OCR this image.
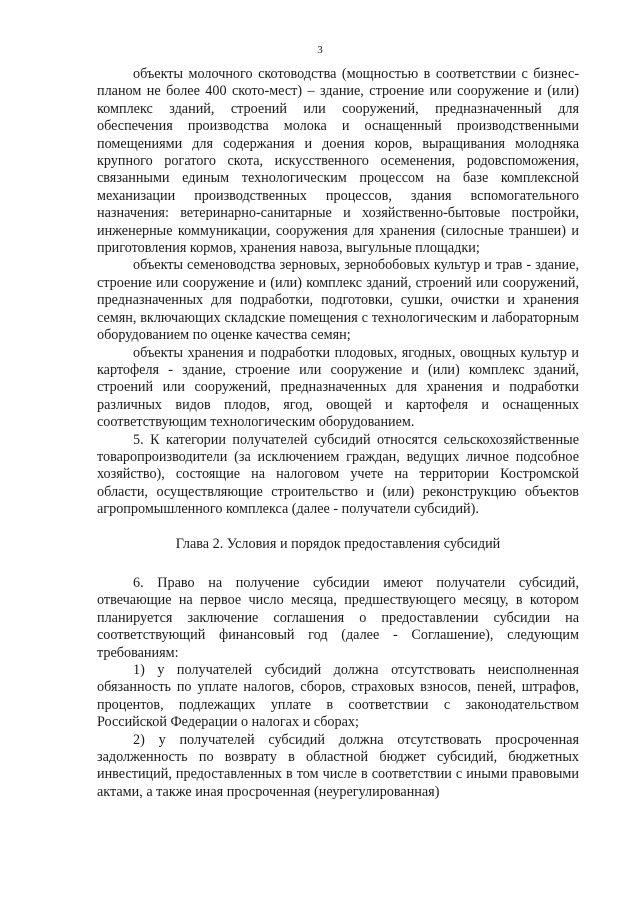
3

объекты молочного скотоводства (мощностью в соответствии с бизнес-планом не более 400 ското-мест) – здание, строение или сооружение и (или) комплекс зданий, строений или сооружений, предназначенный для обеспечения производства молока и оснащенный производственными помещениями для содержания и доения коров, выращивания молодняка крупного рогатого скота, искусственного осеменения, родовспоможения, связанными единым технологическим процессом на базе комплексной механизации производственных процессов, здания вспомогательного назначения: ветеринарно-санитарные и хозяйственно-бытовые постройки, инженерные коммуникации, сооружения для хранения (силосные траншеи) и приготовления кормов, хранения навоза, выгульные площадки;

объекты семеноводства зерновых, зернобобовых культур и трав - здание, строение или сооружение и (или) комплекс зданий, строений или сооружений, предназначенных для подработки, подготовки, сушки, очистки и хранения семян, включающих складские помещения с технологическим и лабораторным оборудованием по оценке качества семян;

объекты хранения и подработки плодовых, ягодных, овощных культур и картофеля - здание, строение или сооружение и (или) комплекс зданий, строений или сооружений, предназначенных для хранения и подработки различных видов плодов, ягод, овощей и картофеля и оснащенных соответствующим технологическим оборудованием.

5. К категории получателей субсидий относятся сельскохозяйственные товаропроизводители (за исключением граждан, ведущих личное подсобное хозяйство), состоящие на налоговом учете на территории Костромской области, осуществляющие строительство и (или) реконструкцию объектов агропромышленного комплекса (далее - получатели субсидий).

Глава 2. Условия и порядок предоставления субсидий

6. Право на получение субсидии имеют получатели субсидий, отвечающие на первое число месяца, предшествующего месяцу, в котором планируется заключение соглашения о предоставлении субсидии на соответствующий финансовый год (далее - Соглашение), следующим требованиям:

1) у получателей субсидий должна отсутствовать неисполненная обязанность по уплате налогов, сборов, страховых взносов, пеней, штрафов, процентов, подлежащих уплате в соответствии с законодательством Российской Федерации о налогах и сборах;

2) у получателей субсидий должна отсутствовать просроченная задолженность по возврату в областной бюджет субсидий, бюджетных инвестиций, предоставленных в том числе в соответствии с иными правовыми актами, а также иная просроченная (неурегулированная)
